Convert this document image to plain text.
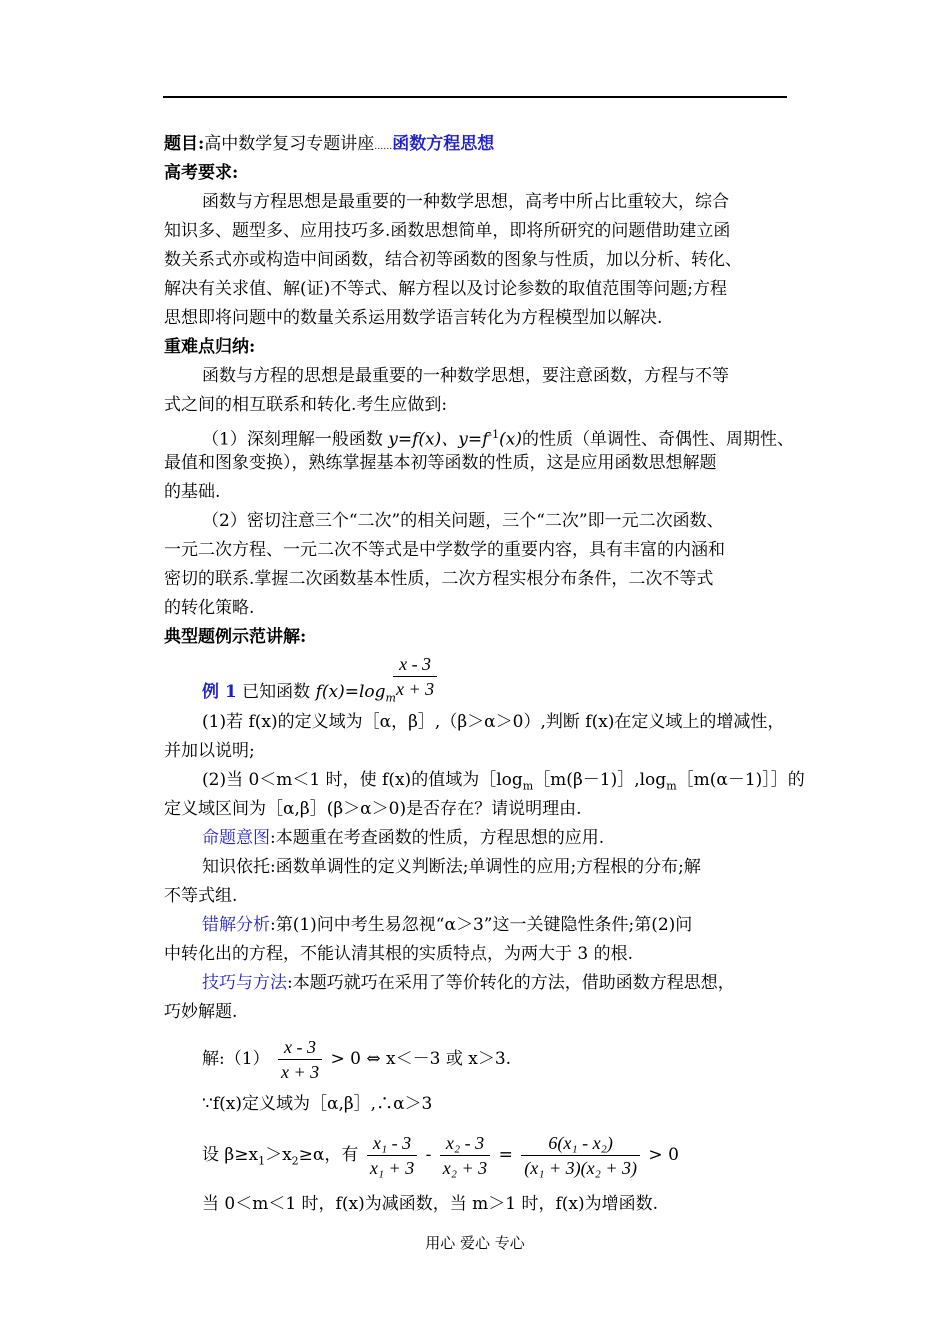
题目:高中数学复习专题讲座……函数方程思想
高考要求:
函数与方程思想是最重要的一种数学思想，高考中所占比重较大，综合
知识多、题型多、应用技巧多.函数思想简单，即将所研究的问题借助建立函
数关系式亦或构造中间函数，结合初等函数的图象与性质，加以分析、转化、
解决有关求值、解(证)不等式、解方程以及讨论参数的取值范围等问题;方程
思想即将问题中的数量关系运用数学语言转化为方程模型加以解决.
重难点归纳:
函数与方程的思想是最重要的一种数学思想，要注意函数，方程与不等
式之间的相互联系和转化.考生应做到:
（1）深刻理解一般函数 y=f(x)、$y=f^{-1}(x)$的性质（单调性、奇偶性、周期性、
最值和图象变换），熟练掌握基本初等函数的性质，这是应用函数思想解题
的基础.
（2）密切注意三个“二次”的相关问题，三个“二次”即一元二次函数、
一元二次方程、一元二次不等式是中学数学的重要内容，具有丰富的内涵和
密切的联系.掌握二次函数基本性质，二次方程实根分布条件，二次不等式
的转化策略.
典型题例示范讲解:
例 1 已知函数 $f(x)=\log_m$
$\frac{x - 3}{x + 3}$
(1)若 f(x)的定义域为［α，β］,（β＞α＞0）,判断 f(x)在定义域上的增减性，
并加以说明;
(2)当 0＜m＜1 时，使 f(x)的值域为$[\log_m[m(\beta-1)],\log_m[m(\alpha-1)]]$的
定义域区间为［α,β］(β＞α＞0)是否存在？请说明理由.
命题意图:本题重在考查函数的性质，方程思想的应用.
知识依托:函数单调性的定义判断法;单调性的应用;方程根的分布;解
不等式组.
错解分析:第(1)问中考生易忽视“α＞3”这一关键隐性条件;第(2)问
中转化出的方程，不能认清其根的实质特点，为两大于 3 的根.
技巧与方法:本题巧就巧在采用了等价转化的方法，借助函数方程思想，
巧妙解题.
解:（1） $\frac{x - 3}{x + 3} > 0$ ⇔ x＜－3 或 x＞3.
∵f(x)定义域为［α,β］,∴α＞3
设 $\beta\ge x_1>x_2\ge\alpha$，有 $\frac{\text{x₁ - 3}}{\text{x₁ + 3}} - \frac{\text{x₂ - 3}}{\text{x₂ + 3}} = \frac{\text{6(x₁ - x₂)}}{\text{(x₁ + 3)(x₂ + 3)}} > 0$
当 0＜m＜1 时，f(x)为减函数，当 m＞1 时，f(x)为增函数.
用心 爱心 专心
